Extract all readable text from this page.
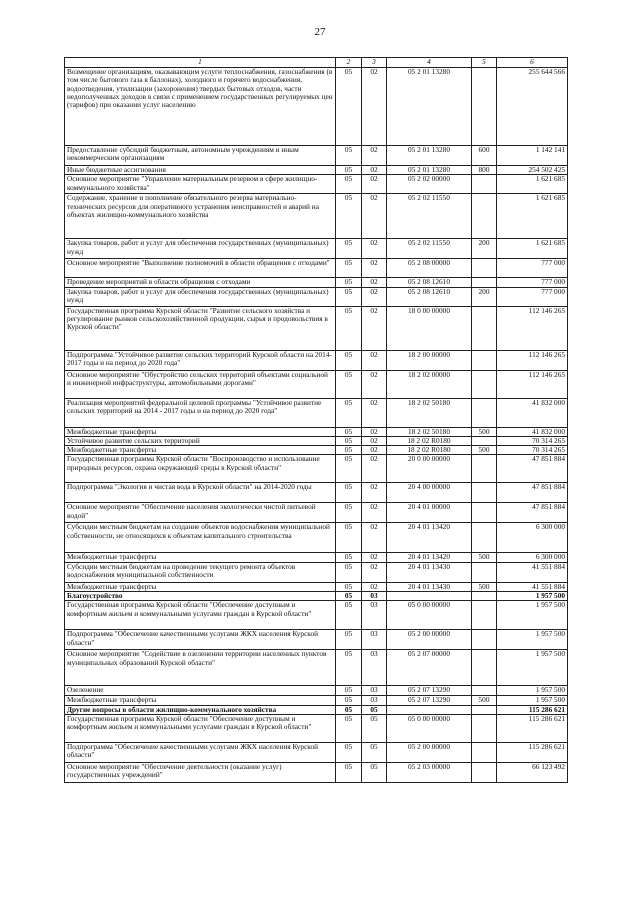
27
1	2	3	4	5	6
Возмещение организациям, оказывающим услуги теплоснабжения, газоснабжения (в том числе бытового газа в баллонах), холодного и горячего водоснабжения, водоотведения, утилизации (захоронения) твердых бытовых отходов, части недополученных доходов в связи с применением государственных регулируемых цен (тарифов) при оказании услуг населению	05	02	05 2 01 13280		255 644 566
Предоставление субсидий бюджетным, автономным учреждениям и иным некоммерческим организациям	05	02	05 2 01 13280	600	1 142 141
Иные бюджетные ассигнования	05	02	05 2 01 13280	800	254 502 425
Основное мероприятие "Управление материальным резервом в сфере жилищно-коммунального хозяйства"	05	02	05 2 02 00000		1 621 685
Содержание, хранение и пополнение обязательного резерва материально-технических ресурсов для оперативного устранения неисправностей и аварий на объектах жилищно-коммунального хозяйства	05	02	05 2 02 11550		1 621 685
Закупка товаров, работ и услуг для обеспечения государственных (муниципальных) нужд	05	02	05 2 02 11550	200	1 621 685
Основное мероприятие "Выполнение полномочий в области обращения с отходами"	05	02	05 2 08 00000		777 000
Проведение мероприятий в области обращения с отходами	05	02	05 2 08 12610		777 000
Закупка товаров, работ и услуг для обеспечения государственных (муниципальных) нужд	05	02	05 2 08 12610	200	777 000
Государственная программа Курской области "Развитие сельского хозяйства и регулирование рынков сельскохозяйственной продукции, сырья и продовольствия в Курской области"	05	02	18 0 00 00000		112 146 265
Подпрограмма "Устойчивое развитие сельских территорий Курской области на 2014-2017 годы и на период до 2020 года"	05	02	18 2 00 00000		112 146 265
Основное мероприятие "Обустройство сельских территорий объектами социальной и инженерной инфраструктуры, автомобильными дорогами"	05	02	18 2 02 00000		112 146 265
Реализация мероприятий федеральной целевой программы "Устойчивое развитие сельских территорий на 2014 - 2017 годы и на период до 2020 года"	05	02	18 2 02 50180		41 832 000
Межбюджетные трансферты	05	02	18 2 02 50180	500	41 832 000
Устойчивое развитие сельских территорий	05	02	18 2 02 R0180		70 314 265
Межбюджетные трансферты	05	02	18 2 02 R0180	500	70 314 265
Государственная программа Курской области "Воспроизводство и использование природных ресурсов, охрана окружающей среды в Курской области"	05	02	20 0 00 00000		47 851 884
Подпрограмма "Экология и чистая вода в Курской области" на 2014-2020 годы	05	02	20 4 00 00000		47 851 884
Основное мероприятие "Обеспечение населения экологически чистой питьевой водой"	05	02	20 4 01 00000		47 851 884
Субсидии местным бюджетам на создание объектов водоснабжения муниципальной собственности, не относящихся к объектам капитального строительства	05	02	20 4 01 13420		6 300 000
Межбюджетные трансферты	05	02	20 4 01 13420	500	6 300 000
Субсидии местным бюджетам на проведение текущего ремонта объектов водоснабжения муниципальной собственности	05	02	20 4 01 13430		41 551 884
Межбюджетные трансферты	05	02	20 4 01 13430	500	41 551 884
Благоустройство	05	03			1 957 500
Государственная программа Курской области "Обеспечение доступным и комфортным жильем и коммунальными услугами граждан в Курской области"	05	03	05 0 00 00000		1 957 500
Подпрограмма "Обеспечение качественными услугами ЖКХ населения Курской области"	05	03	05 2 00 00000		1 957 500
Основное мероприятие "Содействие в озеленении территории населенных пунктов муниципальных образований Курской области"	05	03	05 2 07 00000		1 957 500
Озеленение	05	03	05 2 07 13290		1 957 500
Межбюджетные трансферты	05	03	05 2 07 13290	500	1 957 500
Другие вопросы в области жилищно-коммунального хозяйства	05	05			115 286 621
Государственная программа Курской области "Обеспечение доступным и комфортным жильем и коммунальными услугами граждан в Курской области"	05	05	05 0 00 00000		115 286 621
Подпрограмма "Обеспечение качественными услугами ЖКХ населения Курской области"	05	05	05 2 00 00000		115 286 621
Основное мероприятие "Обеспечение деятельности (оказание услуг) государственных учреждений"	05	05	05 2 03 00000		66 123 492
